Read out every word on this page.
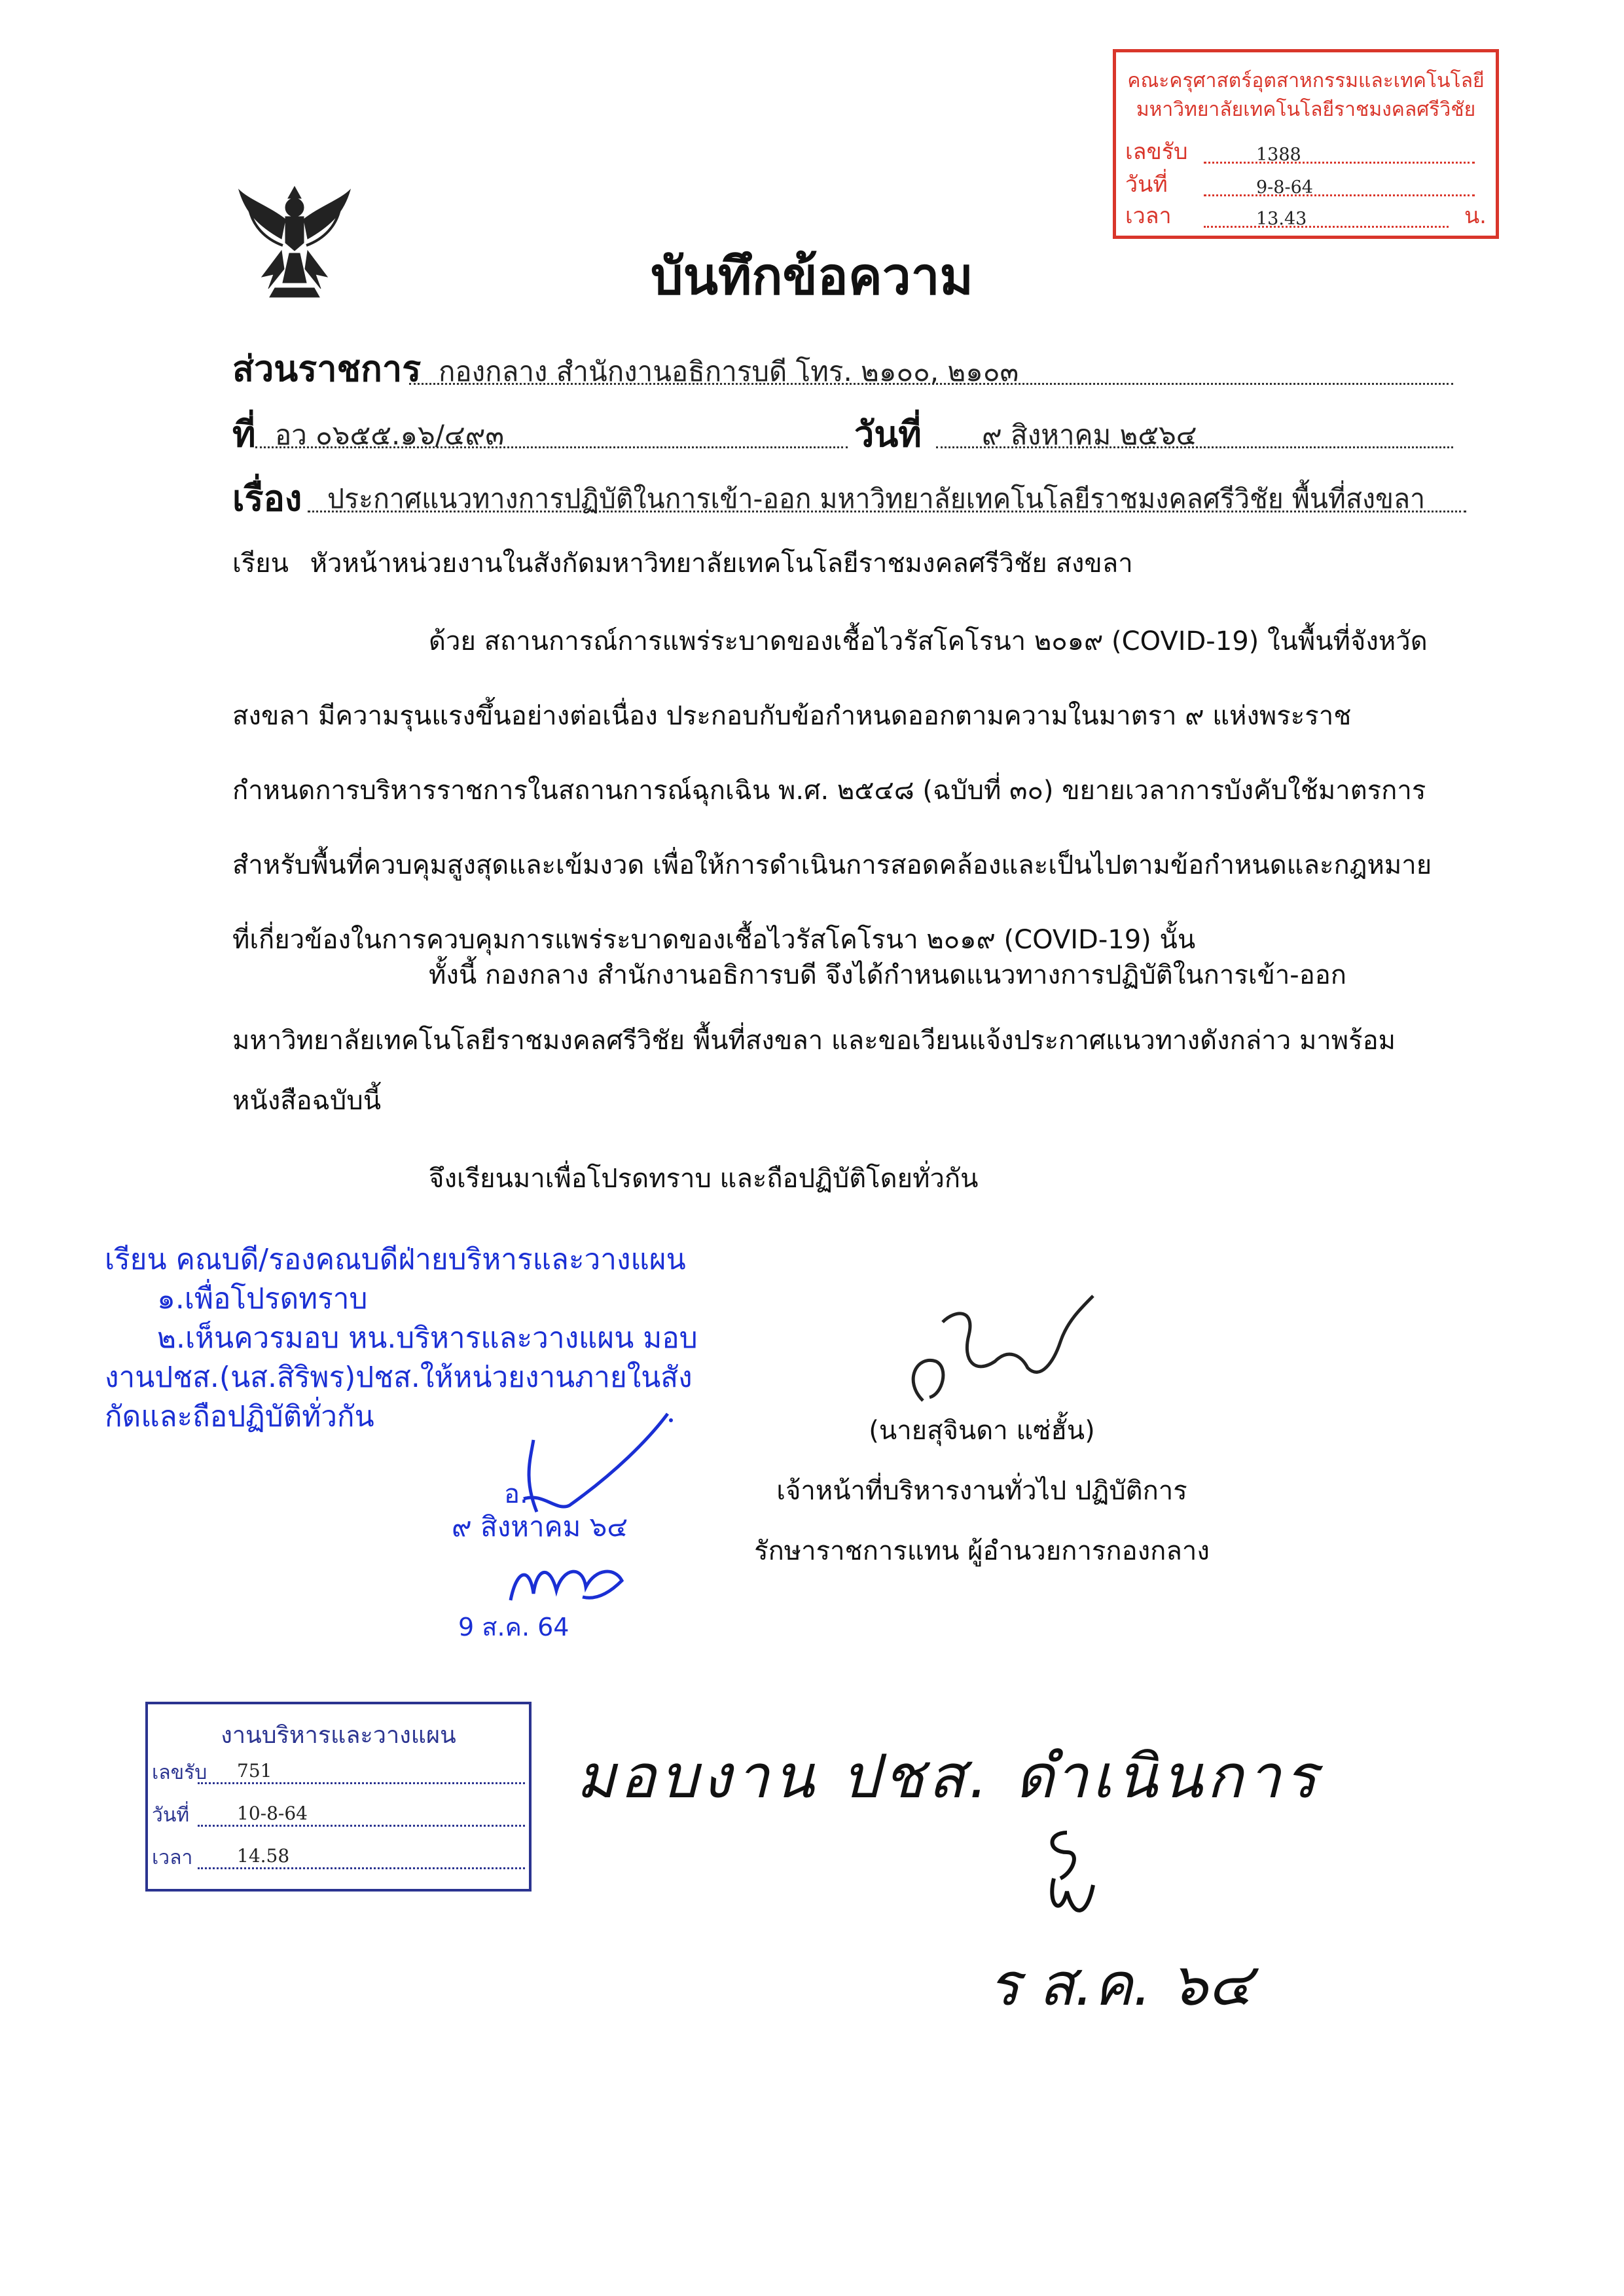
คณะครุศาสตร์อุตสาหกรรมและเทคโนโลยี
มหาวิทยาลัยเทคโนโลยีราชมงคลศรีวิชัย
เลขรับ	1388
วันที่	9-8-64
เวลา	13.43	น.
บันทึกข้อความ
ส่วนราชการ กองกลาง สำนักงานอธิการบดี โทร. ๒๑๐๐, ๒๑๐๓
ที่ อว ๐๖๕๕.๑๖/๔๙๓	วันที่ ๙ สิงหาคม ๒๕๖๔
เรื่อง ประกาศแนวทางการปฏิบัติในการเข้า-ออก มหาวิทยาลัยเทคโนโลยีราชมงคลศรีวิชัย พื้นที่สงขลา
เรียน หัวหน้าหน่วยงานในสังกัดมหาวิทยาลัยเทคโนโลยีราชมงคลศรีวิชัย สงขลา
ด้วย สถานการณ์การแพร่ระบาดของเชื้อไวรัสโคโรนา ๒๐๑๙ (COVID-19) ในพื้นที่จังหวัด
สงขลา มีความรุนแรงขึ้นอย่างต่อเนื่อง ประกอบกับข้อกำหนดออกตามความในมาตรา ๙ แห่งพระราช
กำหนดการบริหารราชการในสถานการณ์ฉุกเฉิน พ.ศ. ๒๕๔๘ (ฉบับที่ ๓๐) ขยายเวลาการบังคับใช้มาตรการ
สำหรับพื้นที่ควบคุมสูงสุดและเข้มงวด เพื่อให้การดำเนินการสอดคล้องและเป็นไปตามข้อกำหนดและกฎหมาย
ที่เกี่ยวข้องในการควบคุมการแพร่ระบาดของเชื้อไวรัสโคโรนา ๒๐๑๙ (COVID-19) นั้น
ทั้งนี้ กองกลาง สำนักงานอธิการบดี จึงได้กำหนดแนวทางการปฏิบัติในการเข้า-ออก
มหาวิทยาลัยเทคโนโลยีราชมงคลศรีวิชัย พื้นที่สงขลา และขอเวียนแจ้งประกาศแนวทางดังกล่าว มาพร้อม
หนังสือฉบับนี้
จึงเรียนมาเพื่อโปรดทราบ และถือปฏิบัติโดยทั่วกัน
เรียน คณบดี/รองคณบดีฝ่ายบริหารและวางแผน
๑.เพื่อโปรดทราบ
๒.เห็นควรมอบ หน.บริหารและวางแผน มอบ
งานปชส.(นส.สิริพร)ปชส.ให้หน่วยงานภายในสัง
กัดและถือปฏิบัติทั่วกัน
อ.
๙ สิงหาคม ๖๔
9 ส.ค. 64
(นายสุจินดา แซ่ฮั้น)
เจ้าหน้าที่บริหารงานทั่วไป ปฏิบัติการ
รักษาราชการแทน ผู้อำนวยการกองกลาง
งานบริหารและวางแผน
เลขรับ 751
วันที่	10-8-64
เวลา 14.58
มอบงาน ปชส. ดำเนินการ
ร ส.ค. ๖๔
